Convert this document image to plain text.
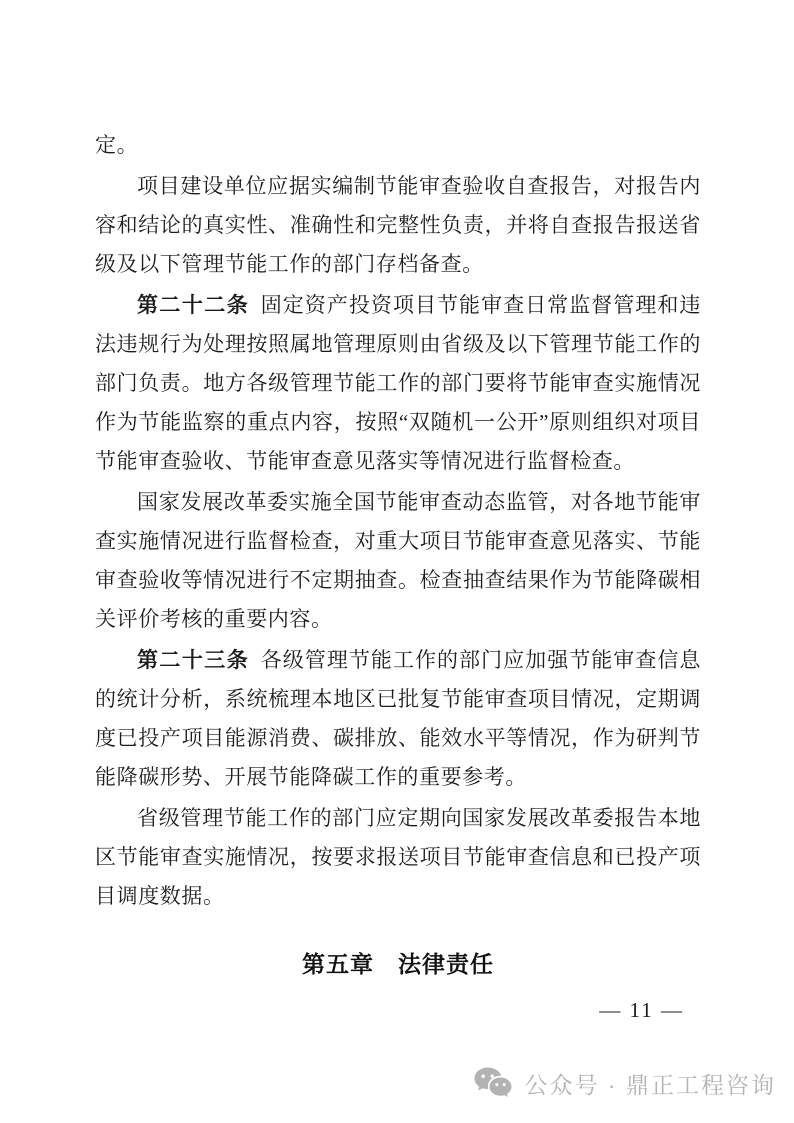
定。

项目建设单位应据实编制节能审查验收自查报告，对报告内容和结论的真实性、准确性和完整性负责，并将自查报告报送省级及以下管理节能工作的部门存档备查。

第二十二条 固定资产投资项目节能审查日常监督管理和违法违规行为处理按照属地管理原则由省级及以下管理节能工作的部门负责。地方各级管理节能工作的部门要将节能审查实施情况作为节能监察的重点内容，按照“双随机一公开”原则组织对项目节能审查验收、节能审查意见落实等情况进行监督检查。

国家发展改革委实施全国节能审查动态监管，对各地节能审查实施情况进行监督检查，对重大项目节能审查意见落实、节能审查验收等情况进行不定期抽查。检查抽查结果作为节能降碳相关评价考核的重要内容。

第二十三条 各级管理节能工作的部门应加强节能审查信息的统计分析，系统梳理本地区已批复节能审查项目情况，定期调度已投产项目能源消费、碳排放、能效水平等情况，作为研判节能降碳形势、开展节能降碳工作的重要参考。

省级管理节能工作的部门应定期向国家发展改革委报告本地区节能审查实施情况，按要求报送项目节能审查信息和已投产项目调度数据。

第五章　法律责任
— 11 —
公众号 · 鼎正工程咨询
